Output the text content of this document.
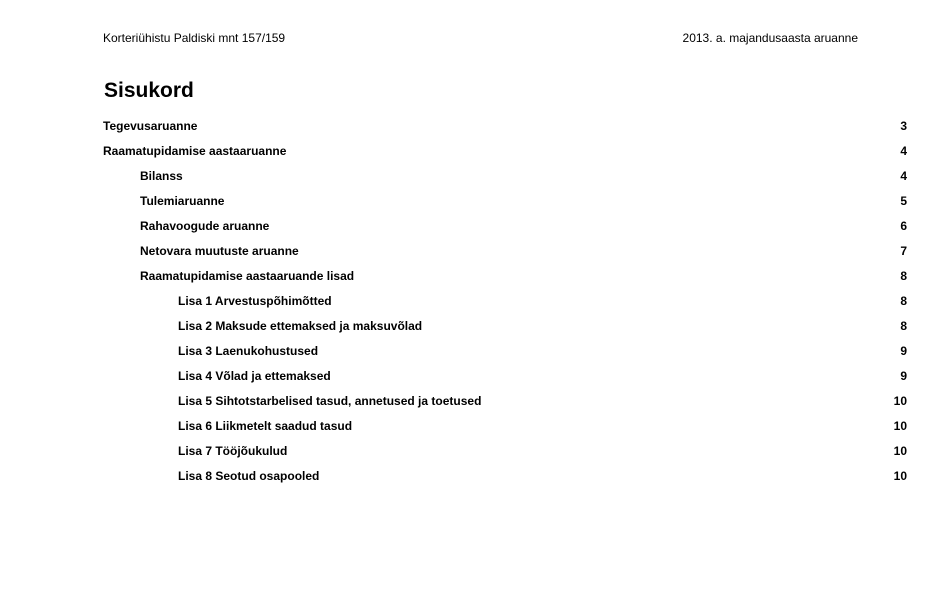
Korteriühistu Paldiski mnt 157/159	2013. a. majandusaasta aruanne
Sisukord
Tegevusaruanne	3
Raamatupidamise aastaaruanne	4
Bilanss	4
Tulemiaruanne	5
Rahavoogude aruanne	6
Netovara muutuste aruanne	7
Raamatupidamise aastaaruande lisad	8
Lisa 1 Arvestuspõhimõtted	8
Lisa 2 Maksude ettemaksed ja maksuvõlad	8
Lisa 3 Laenukohustused	9
Lisa 4 Võlad ja ettemaksed	9
Lisa 5 Sihtotstarbelised tasud, annetused ja toetused	10
Lisa 6 Liikmetelt saadud tasud	10
Lisa 7 Tööjõukulud	10
Lisa 8 Seotud osapooled	10
